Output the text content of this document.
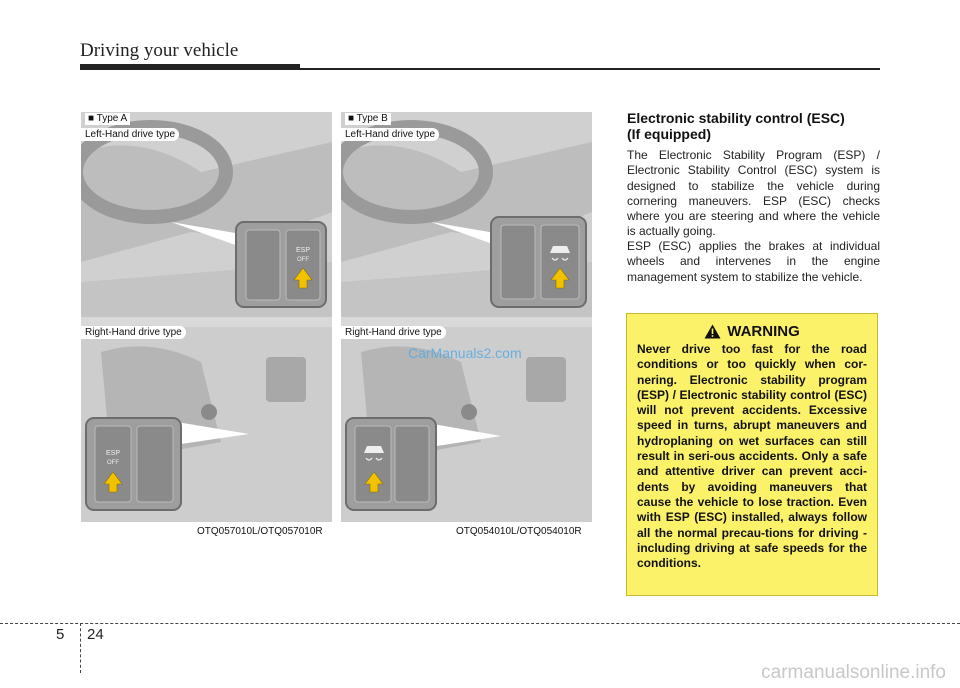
Driving your vehicle
ESP
OFF
ESP
OFF
■ Type A
Left-Hand drive type
Right-Hand drive type
■ Type B
Left-Hand drive type
Right-Hand drive type
OTQ057010L/OTQ057010R	OTQ054010L/OTQ054010R
CarManuals2.com
Electronic stability control (ESC)
(If equipped)

The Electronic Stability Program (ESP) / Electronic Stability Control (ESC) system is designed to stabilize the vehicle during cornering maneuvers. ESP (ESC) checks where you are steering and where the vehicle is actually going.

ESP (ESC) applies the brakes at individual wheels and intervenes in the engine management system to stabilize the vehicle.

WARNING

Never drive too fast for the road conditions or too quickly when cor-nering. Electronic stability program (ESP) / Electronic stability control (ESC) will not prevent accidents. Excessive speed in turns, abrupt maneuvers and hydroplaning on wet surfaces can still result in seri-ous accidents. Only a safe and attentive driver can prevent acci-dents by avoiding maneuvers that cause the vehicle to lose traction. Even with ESP (ESC) installed, always follow all the normal precau-tions for driving - including driving at safe speeds for the conditions.

5 24
carmanualsonline.info
